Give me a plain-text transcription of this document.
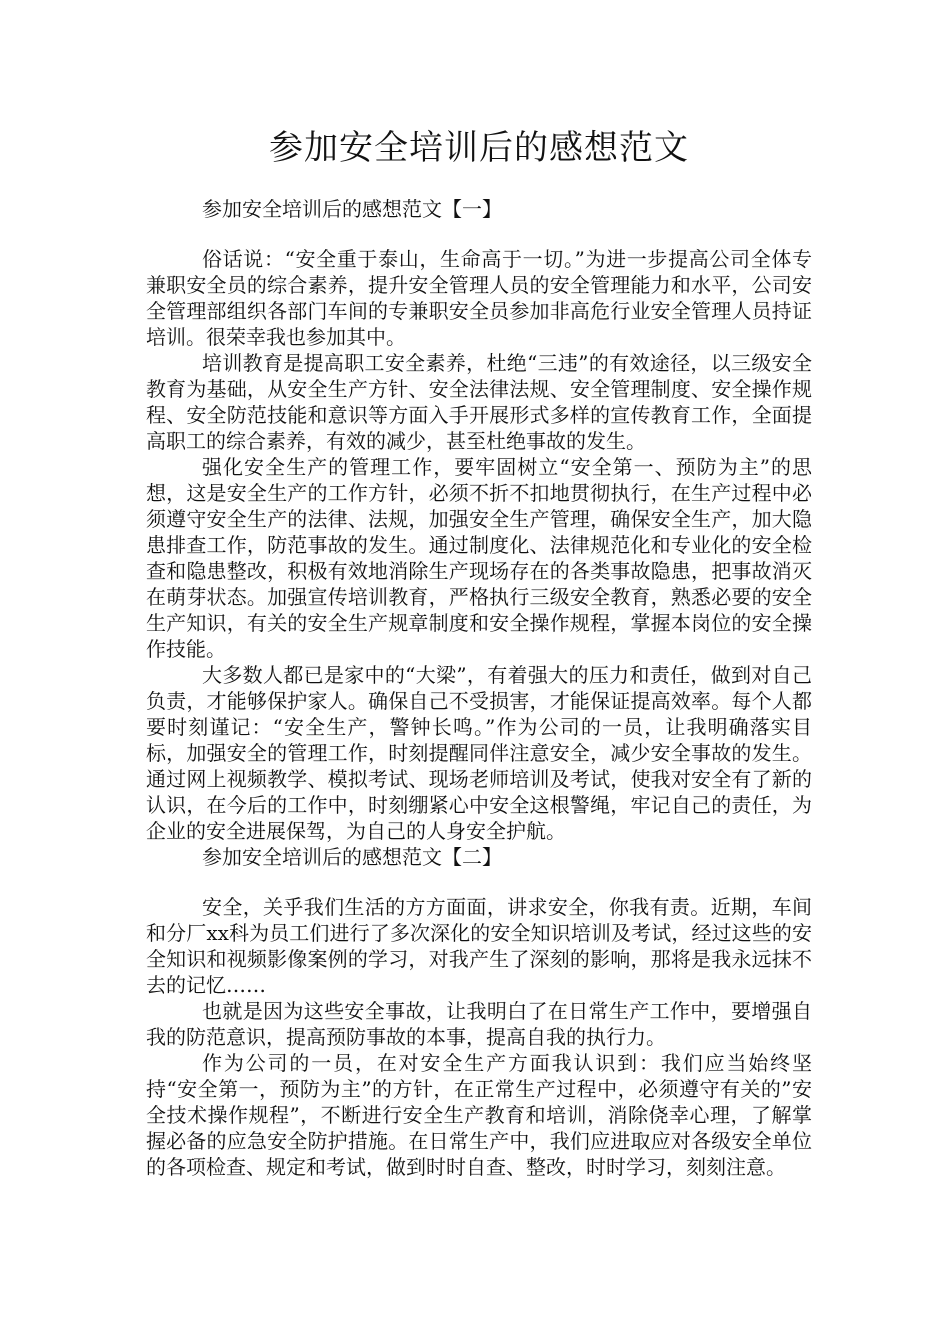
参加安全培训后的感想范文

参加安全培训后的感想范文【一】

俗话说：“安全重于泰山，生命高于一切。”为进一步提高公司全体专兼职安全员的综合素养，提升安全管理人员的安全管理能力和水平，公司安全管理部组织各部门车间的专兼职安全员参加非高危行业安全管理人员持证培训。很荣幸我也参加其中。

培训教育是提高职工安全素养，杜绝“三违”的有效途径，以三级安全教育为基础，从安全生产方针、安全法律法规、安全管理制度、安全操作规程、安全防范技能和意识等方面入手开展形式多样的宣传教育工作，全面提高职工的综合素养，有效的减少，甚至杜绝事故的发生。

强化安全生产的管理工作，要牢固树立“安全第一、预防为主”的思想，这是安全生产的工作方针，必须不折不扣地贯彻执行，在生产过程中必须遵守安全生产的法律、法规，加强安全生产管理，确保安全生产，加大隐患排查工作，防范事故的发生。通过制度化、法律规范化和专业化的安全检查和隐患整改，积极有效地消除生产现场存在的各类事故隐患，把事故消灭在萌芽状态。加强宣传培训教育，严格执行三级安全教育，熟悉必要的安全生产知识，有关的安全生产规章制度和安全操作规程，掌握本岗位的安全操作技能。

大多数人都已是家中的“大梁”，有着强大的压力和责任，做到对自己负责，才能够保护家人。确保自己不受损害，才能保证提高效率。每个人都要时刻谨记：“安全生产，警钟长鸣。”作为公司的一员，让我明确落实目标，加强安全的管理工作，时刻提醒同伴注意安全，减少安全事故的发生。通过网上视频教学、模拟考试、现场老师培训及考试，使我对安全有了新的认识，在今后的工作中，时刻绷紧心中安全这根警绳，牢记自己的责任，为企业的安全进展保驾，为自己的人身安全护航。

参加安全培训后的感想范文【二】

安全，关乎我们生活的方方面面，讲求安全，你我有责。近期，车间和分厂xx科为员工们进行了多次深化的安全知识培训及考试，经过这些的安全知识和视频影像案例的学习，对我产生了深刻的影响，那将是我永远抹不去的记忆……

也就是因为这些安全事故，让我明白了在日常生产工作中，要增强自我的防范意识，提高预防事故的本事，提高自我的执行力。

作为公司的一员，在对安全生产方面我认识到：我们应当始终坚持“安全第一，预防为主”的方针，在正常生产过程中，必须遵守有关的”安全技术操作规程”，不断进行安全生产教育和培训，消除侥幸心理，了解掌握必备的应急安全防护措施。在日常生产中，我们应进取应对各级安全单位的各项检查、规定和考试，做到时时自查、整改，时时学习，刻刻注意。
